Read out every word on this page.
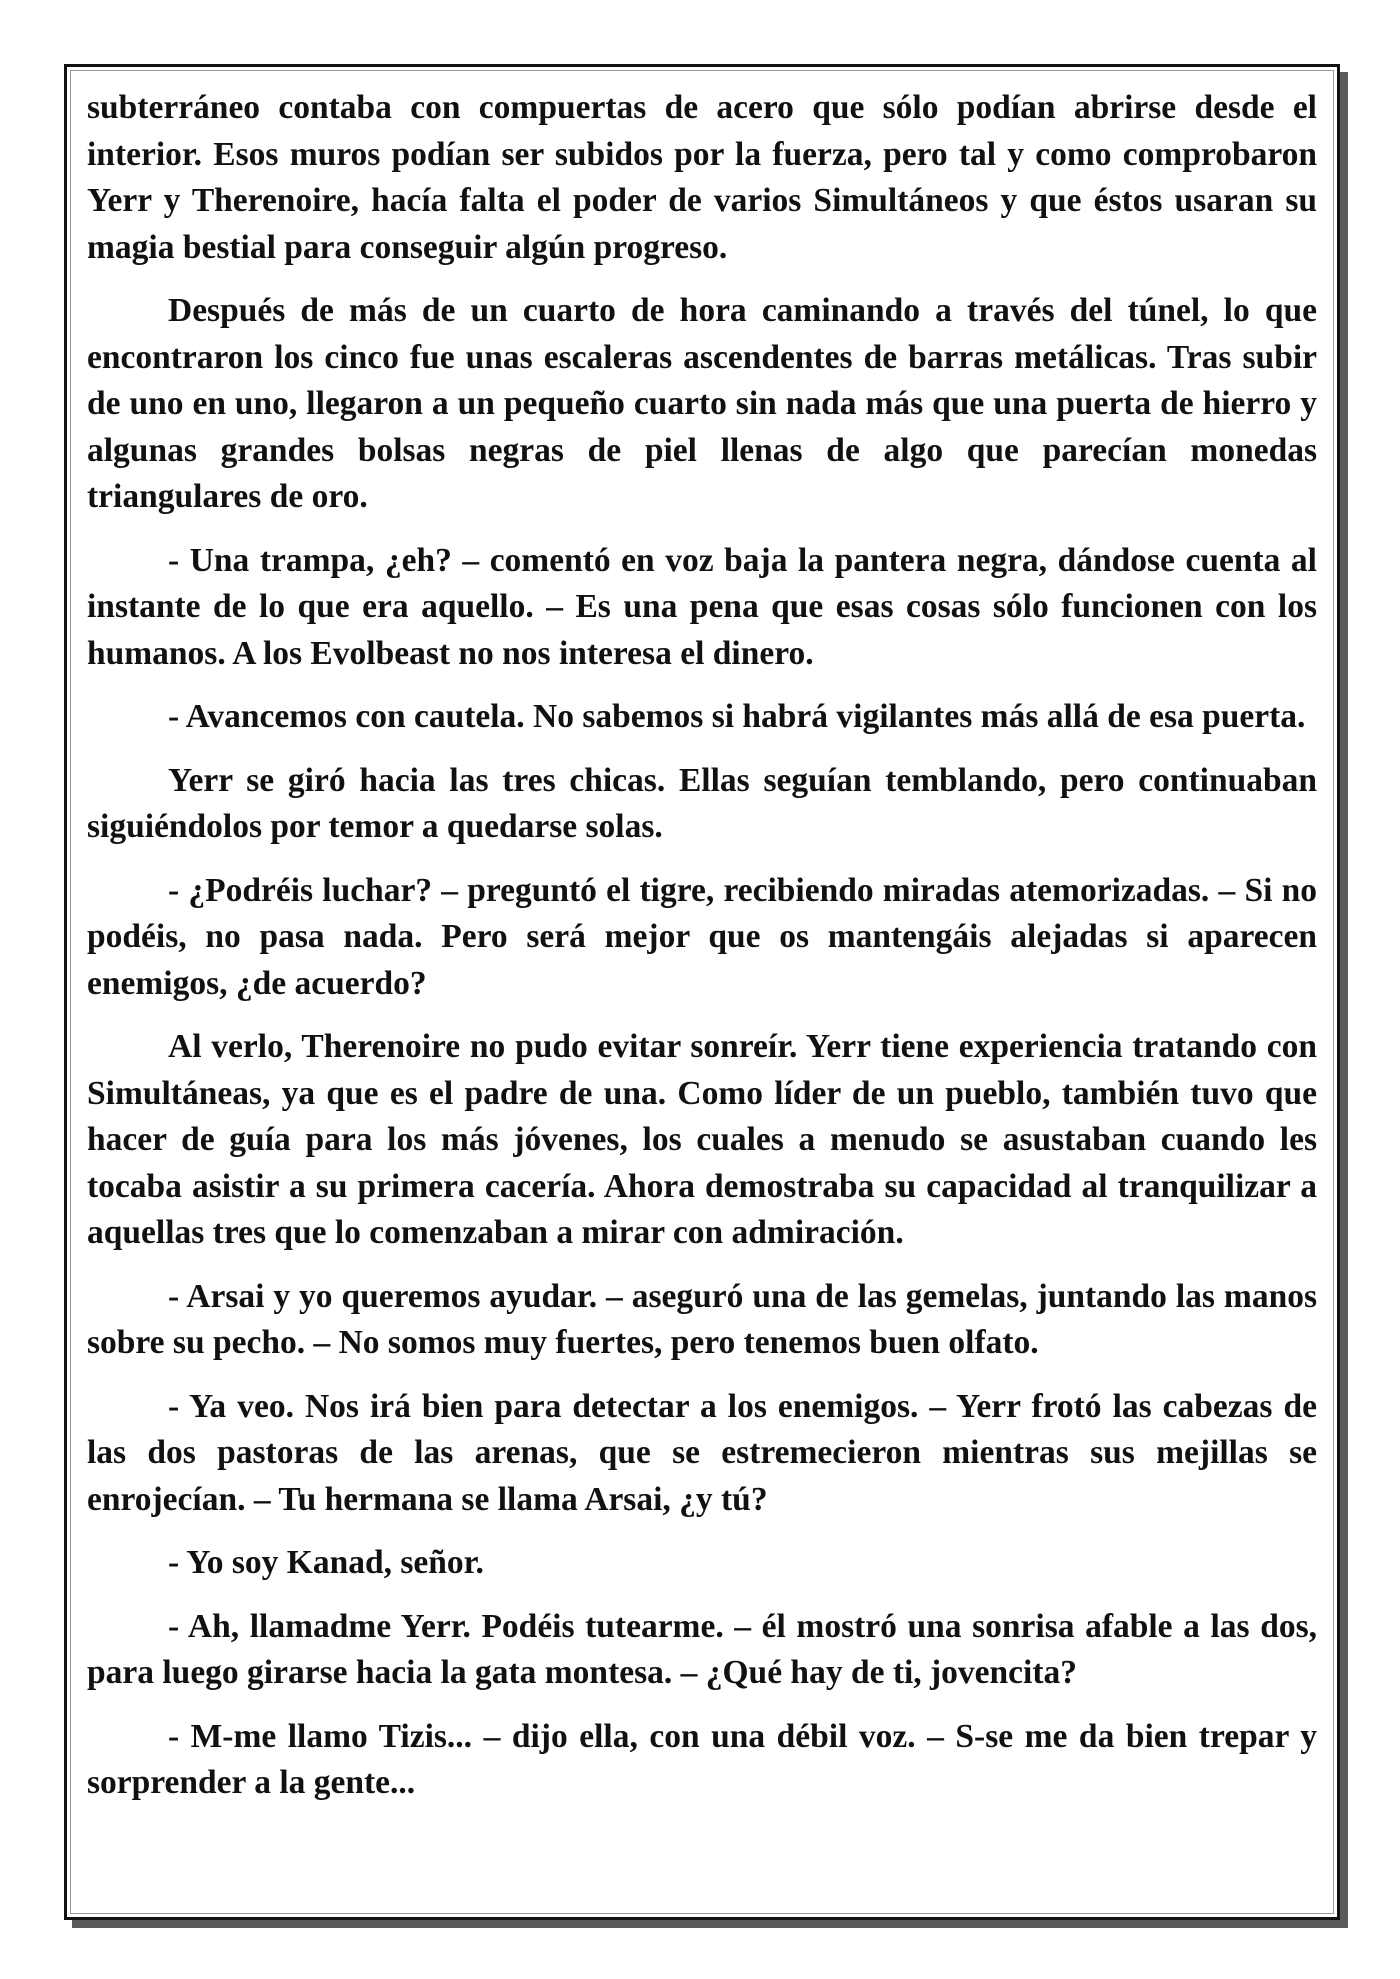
subterráneo contaba con compuertas de acero que sólo podían abrirse desde el interior. Esos muros podían ser subidos por la fuerza, pero tal y como comprobaron Yerr y Therenoire, hacía falta el poder de varios Simultáneos y que éstos usaran su magia bestial para conseguir algún progreso.

Después de más de un cuarto de hora caminando a través del túnel, lo que encontraron los cinco fue unas escaleras ascendentes de barras metálicas. Tras subir de uno en uno, llegaron a un pequeño cuarto sin nada más que una puerta de hierro y algunas grandes bolsas negras de piel llenas de algo que parecían monedas triangulares de oro.

- Una trampa, ¿eh? – comentó en voz baja la pantera negra, dándose cuenta al instante de lo que era aquello. – Es una pena que esas cosas sólo funcionen con los humanos. A los Evolbeast no nos interesa el dinero.

- Avancemos con cautela. No sabemos si habrá vigilantes más allá de esa puerta.

Yerr se giró hacia las tres chicas. Ellas seguían temblando, pero continuaban siguiéndolos por temor a quedarse solas.

- ¿Podréis luchar? – preguntó el tigre, recibiendo miradas atemorizadas. – Si no podéis, no pasa nada. Pero será mejor que os mantengáis alejadas si aparecen enemigos, ¿de acuerdo?

Al verlo, Therenoire no pudo evitar sonreír. Yerr tiene experiencia tratando con Simultáneas, ya que es el padre de una. Como líder de un pueblo, también tuvo que hacer de guía para los más jóvenes, los cuales a menudo se asustaban cuando les tocaba asistir a su primera cacería. Ahora demostraba su capacidad al tranquilizar a aquellas tres que lo comenzaban a mirar con admiración.

- Arsai y yo queremos ayudar. – aseguró una de las gemelas, juntando las manos sobre su pecho. – No somos muy fuertes, pero tenemos buen olfato.

- Ya veo. Nos irá bien para detectar a los enemigos. – Yerr frotó las cabezas de las dos pastoras de las arenas, que se estremecieron mientras sus mejillas se enrojecían. – Tu hermana se llama Arsai, ¿y tú?

- Yo soy Kanad, señor.

- Ah, llamadme Yerr. Podéis tutearme. – él mostró una sonrisa afable a las dos, para luego girarse hacia la gata montesa. – ¿Qué hay de ti, jovencita?

- M-me llamo Tizis... – dijo ella, con una débil voz. – S-se me da bien trepar y sorprender a la gente...
